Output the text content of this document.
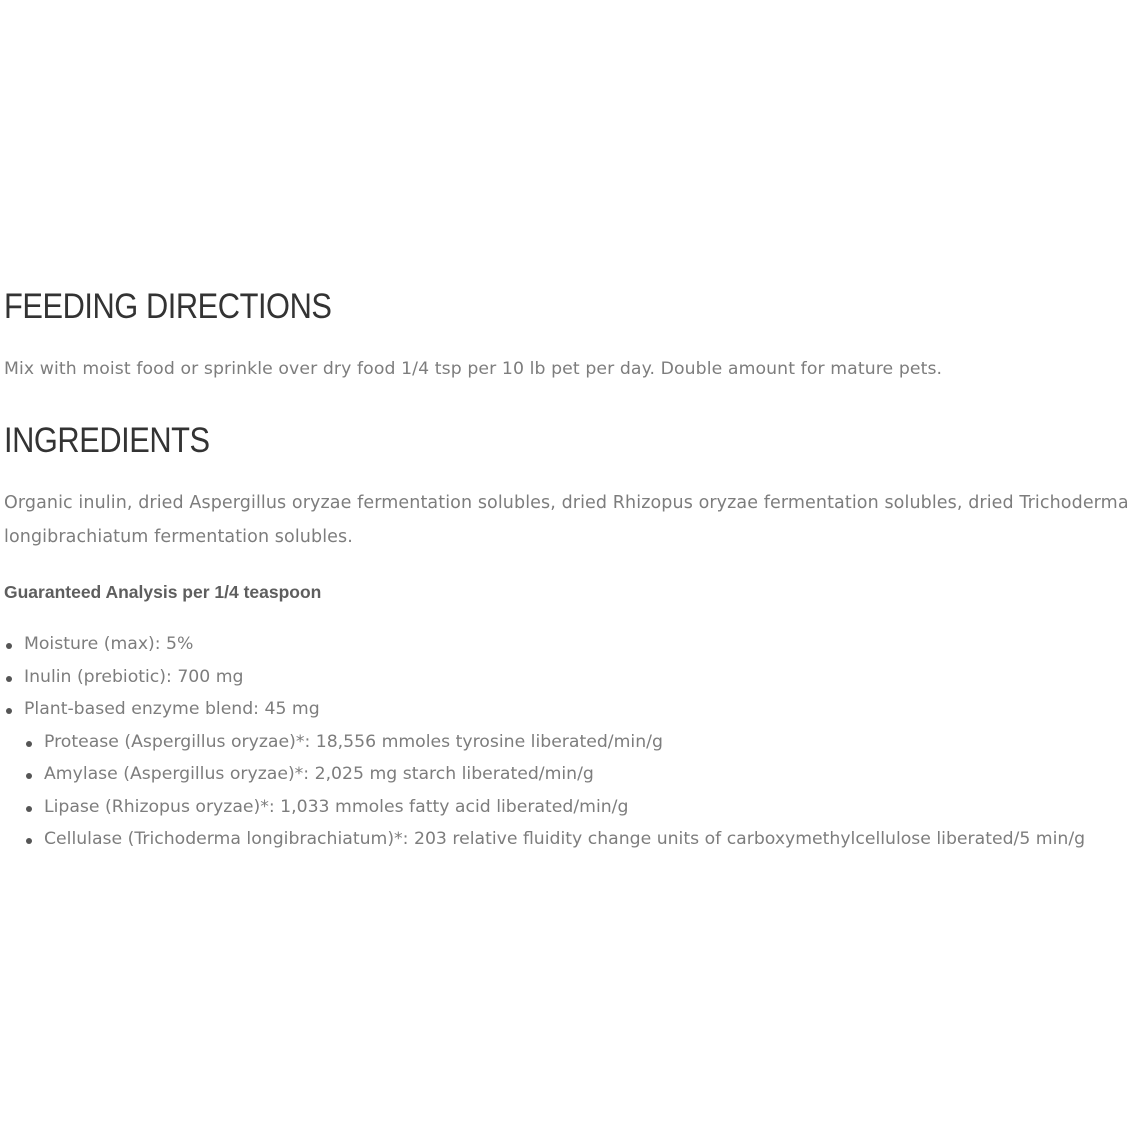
FEEDING DIRECTIONS

Mix with moist food or sprinkle over dry food 1/4 tsp per 10 lb pet per day. Double amount for mature pets.

INGREDIENTS

Organic inulin, dried Aspergillus oryzae fermentation solubles, dried Rhizopus oryzae fermentation solubles, dried Trichoderma longibrachiatum fermentation solubles.

Guaranteed Analysis per 1/4 teaspoon

Moisture (max): 5%
Inulin (prebiotic): 700 mg
Plant-based enzyme blend: 45 mg
Protease (Aspergillus oryzae)*: 18,556 mmoles tyrosine liberated/min/g
Amylase (Aspergillus oryzae)*: 2,025 mg starch liberated/min/g
Lipase (Rhizopus oryzae)*: 1,033 mmoles fatty acid liberated/min/g
Cellulase (Trichoderma longibrachiatum)*: 203 relative fluidity change units of carboxymethylcellulose liberated/5 min/g
